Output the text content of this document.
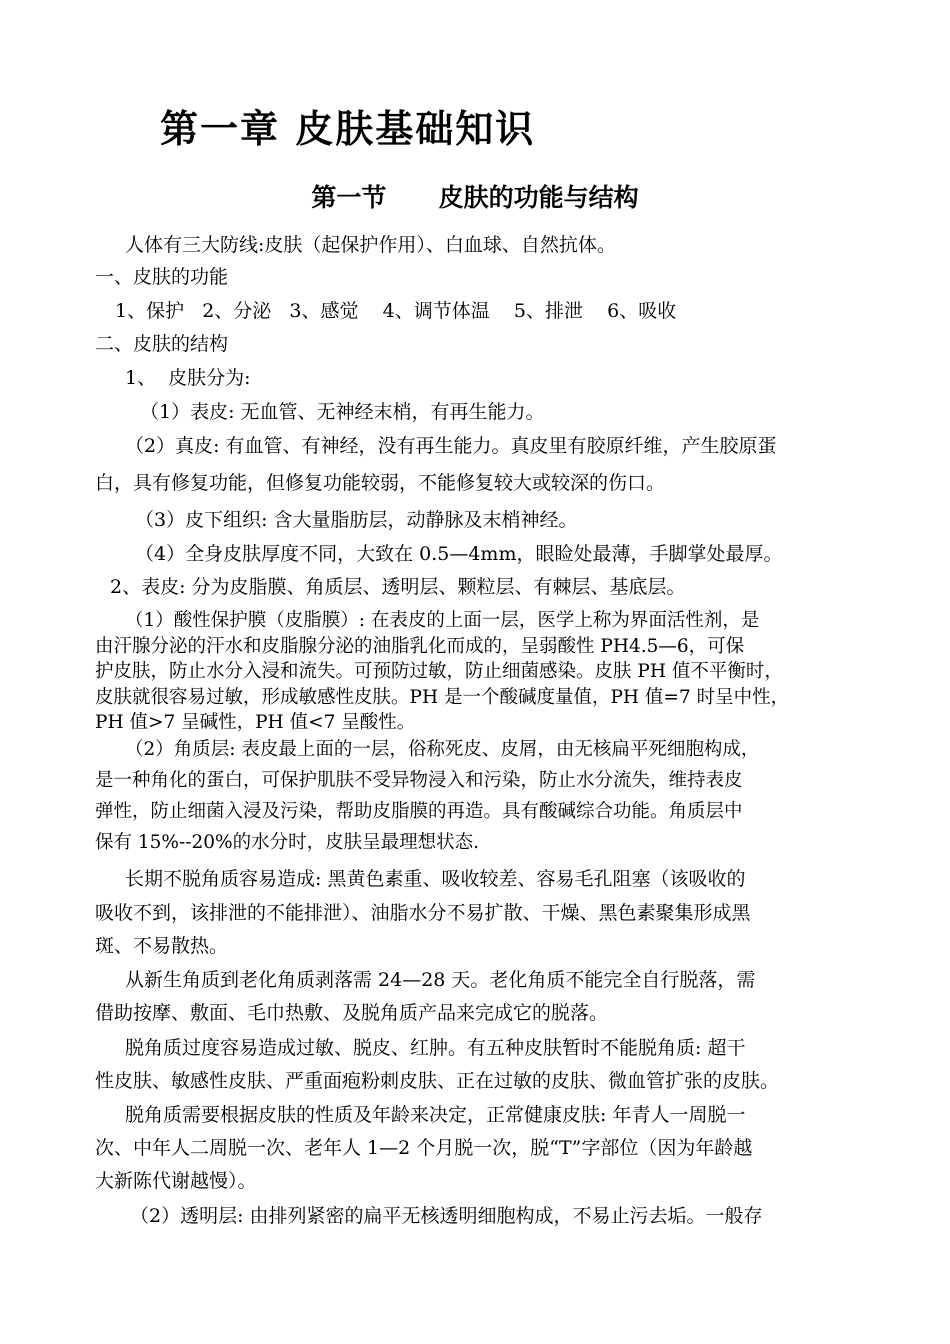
第一章 皮肤基础知识
第一节      皮肤的功能与结构
人体有三大防线:皮肤（起保护作用）、白血球、自然抗体。
一、皮肤的功能
1、保护   2、分泌   3、感觉    4、调节体温    5、排泄    6、吸收
二、皮肤的结构
1、  皮肤分为:
（1）表皮: 无血管、无神经末梢，有再生能力。
（2）真皮: 有血管、有神经，没有再生能力。真皮里有胶原纤维，产生胶原蛋
白，具有修复功能，但修复功能较弱，不能修复较大或较深的伤口。
（3）皮下组织: 含大量脂肪层，动静脉及末梢神经。
（4）全身皮肤厚度不同，大致在 0.5—4mm，眼睑处最薄，手脚掌处最厚。
2、表皮: 分为皮脂膜、角质层、透明层、颗粒层、有棘层、基底层。
（1）酸性保护膜（皮脂膜）: 在表皮的上面一层，医学上称为界面活性剂，是
由汗腺分泌的汗水和皮脂腺分泌的油脂乳化而成的，呈弱酸性 PH4.5—6，可保
护皮肤，防止水分入浸和流失。可预防过敏，防止细菌感染。皮肤 PH 值不平衡时，
皮肤就很容易过敏，形成敏感性皮肤。PH 是一个酸碱度量值，PH 值=7 时呈中性，
PH 值>7 呈碱性，PH 值<7 呈酸性。
（2）角质层: 表皮最上面的一层，俗称死皮、皮屑，由无核扁平死细胞构成，
是一种角化的蛋白，可保护肌肤不受异物浸入和污染，防止水分流失，维持表皮
弹性，防止细菌入浸及污染，帮助皮脂膜的再造。具有酸碱综合功能。角质层中
保有 15%--20%的水分时，皮肤呈最理想状态.
长期不脱角质容易造成: 黑黄色素重、吸收较差、容易毛孔阻塞（该吸收的
吸收不到，该排泄的不能排泄）、油脂水分不易扩散、干燥、黑色素聚集形成黑
斑、不易散热。
从新生角质到老化角质剥落需 24—28 天。老化角质不能完全自行脱落，需
借助按摩、敷面、毛巾热敷、及脱角质产品来完成它的脱落。
脱角质过度容易造成过敏、脱皮、红肿。有五种皮肤暂时不能脱角质: 超干
性皮肤、敏感性皮肤、严重面疱粉刺皮肤、正在过敏的皮肤、微血管扩张的皮肤。
脱角质需要根据皮肤的性质及年龄来决定，正常健康皮肤: 年青人一周脱一
次、中年人二周脱一次、老年人 1—2 个月脱一次，脱“T”字部位（因为年龄越
大新陈代谢越慢）。
（2）透明层: 由排列紧密的扁平无核透明细胞构成，不易止污去垢。一般存
